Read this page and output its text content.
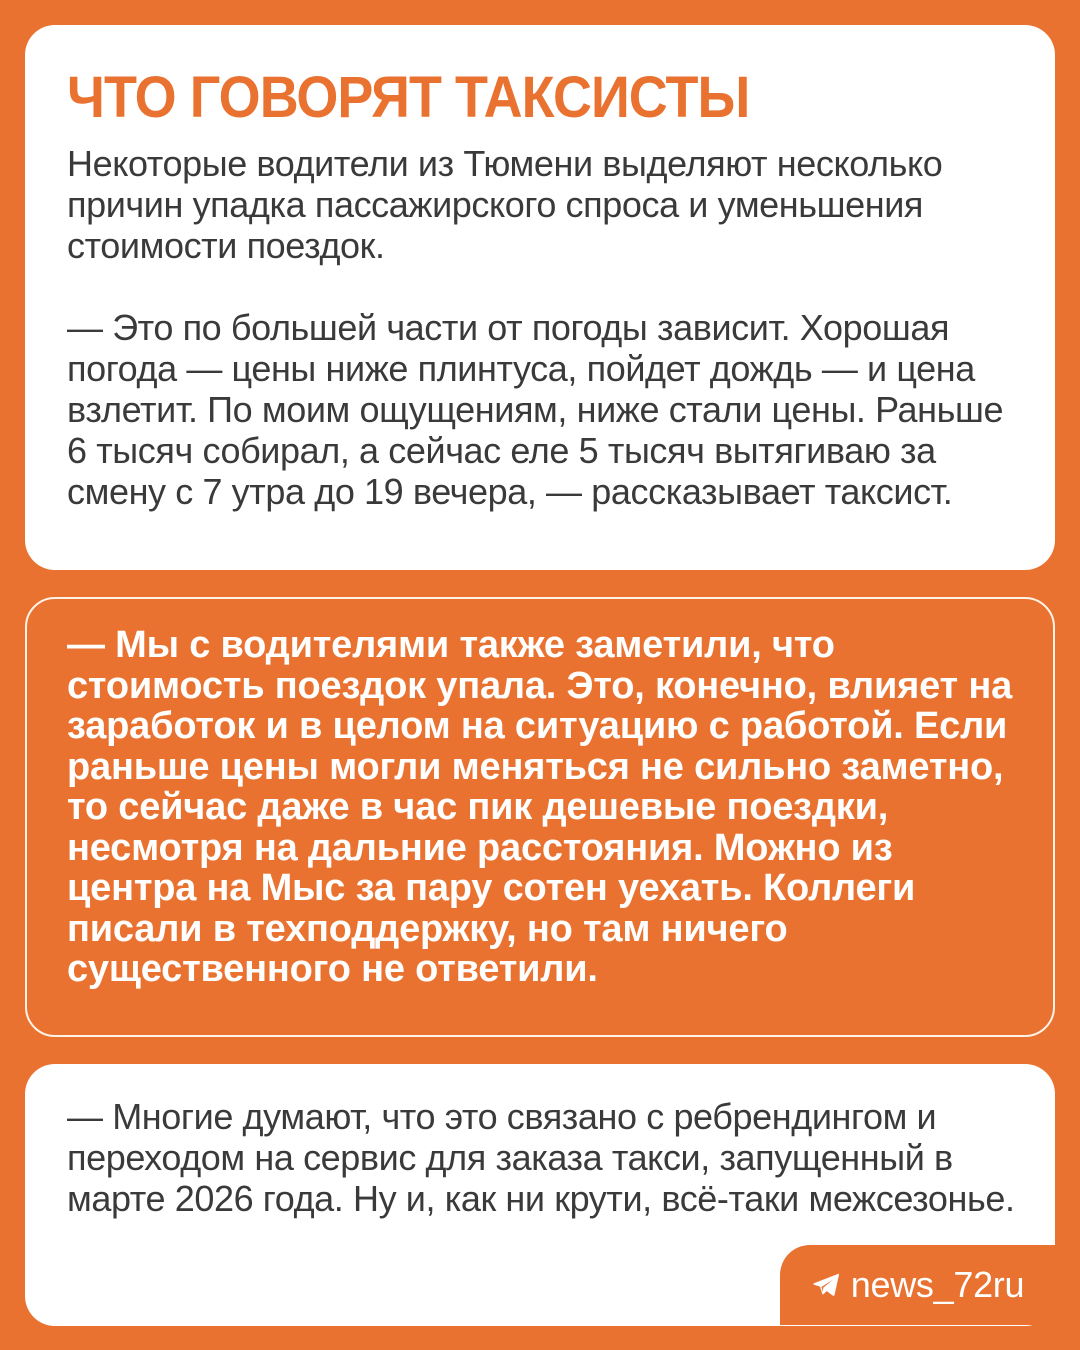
ЧТО ГОВОРЯТ ТАКСИСТЫ

Некоторые водители из Тюмени выделяют несколько причин упадка пассажирского спроса и уменьшения стоимости поездок.

— Это по большей части от погоды зависит. Хорошая погода — цены ниже плинтуса, пойдет дождь — и цена взлетит. По моим ощущениям, ниже стали цены. Раньше 6 тысяч собирал, а сейчас еле 5 тысяч вытягиваю за смену с 7 утра до 19 вечера, — рассказывает таксист.

— Мы с водителями также заметили, что стоимость поездок упала. Это, конечно, влияет на заработок и в целом на ситуацию с работой. Если раньше цены могли меняться не сильно заметно, то сейчас даже в час пик дешевые поездки, несмотря на дальние расстояния. Можно из центра на Мыс за пару сотен уехать. Коллеги писали в техподдержку, но там ничего существенного не ответили.

— Многие думают, что это связано с ребрендингом и переходом на сервис для заказа такси, запущенный в марте 2026 года. Ну и, как ни крути, всё-таки межсезонье.

news_72ru
